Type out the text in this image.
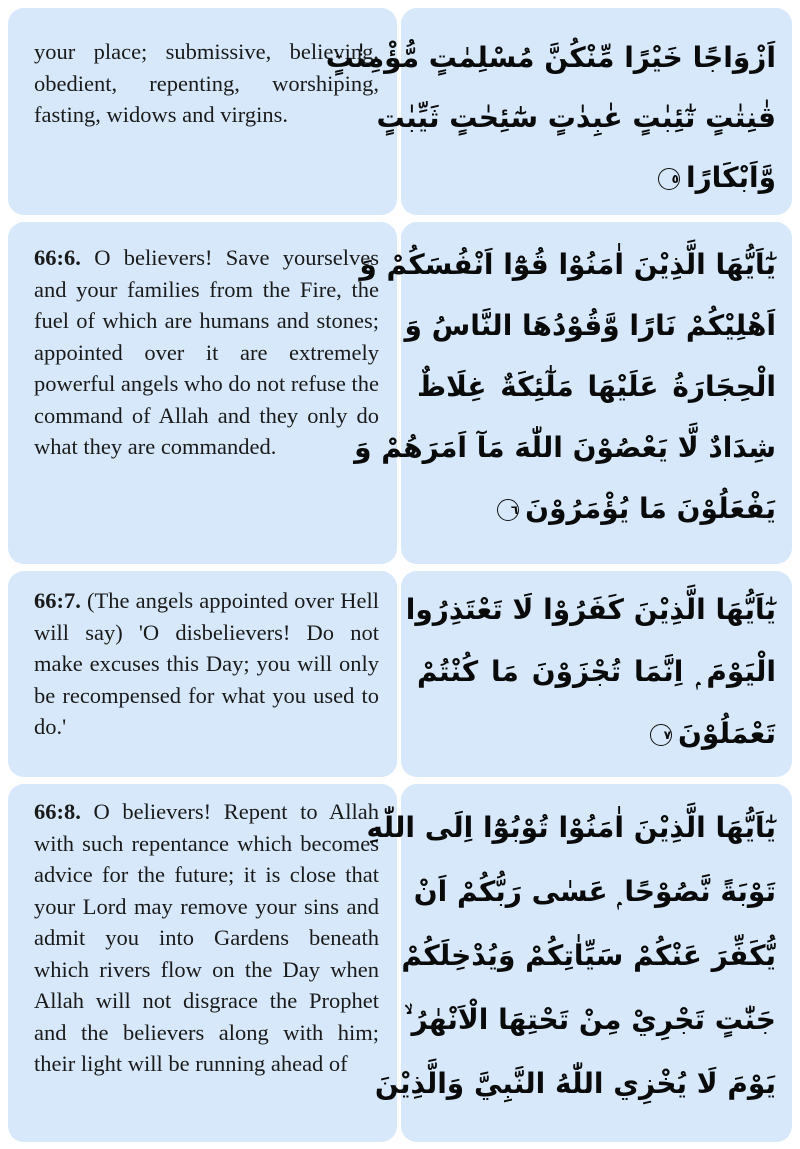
your place; submissive, believing, obedient, repenting, worshiping, fasting, widows and virgins.
اَزْوَاجًا خَيْرًا مِّنْكُنَّ مُسْلِمٰتٍ مُّؤْمِنٰتٍ
قٰنِتٰتٍ تٰٓئِبٰتٍ عٰبِدٰتٍ سٰٓئِحٰتٍ ثَيِّبٰتٍ
وَّاَبْكَارًا٥
66:6. O believers! Save yourselves and your families from the Fire, the fuel of which are humans and stones; appointed over it are extremely powerful angels who do not refuse the command of Allah and they only do what they are commanded.
يٰٓاَيُّهَا الَّذِيْنَ اٰمَنُوْا قُوْٓا اَنْفُسَكُمْ وَ
اَهْلِيْكُمْ نَارًا وَّقُوْدُهَا النَّاسُ وَ
الْحِجَارَةُ عَلَيْهَا مَلٰٓئِكَةٌ غِلَاظٌ
شِدَادٌ لَّا يَعْصُوْنَ اللّٰهَ مَآ اَمَرَهُمْ وَ
يَفْعَلُوْنَ مَا يُؤْمَرُوْنَ٦
66:7. (The angels appointed over Hell will say) 'O disbelievers! Do not make excuses this Day; you will only be recompensed for what you used to do.'
يٰٓاَيُّهَا الَّذِيْنَ كَفَرُوْا لَا تَعْتَذِرُوا
الْيَوْمَ ۭ اِنَّمَا تُجْزَوْنَ مَا كُنْتُمْ
تَعْمَلُوْنَ٧
66:8. O believers! Repent to Allah with such repentance which becomes advice for the future; it is close that your Lord may remove your sins and admit you into Gardens beneath which rivers flow on the Day when Allah will not disgrace the Prophet and the believers along with him; their light will be running ahead of
يٰٓاَيُّهَا الَّذِيْنَ اٰمَنُوْا تُوْبُوْٓا اِلَى اللّٰهِ
تَوْبَةً نَّصُوْحًا ۭ عَسٰى رَبُّكُمْ اَنْ
يُّكَفِّرَ عَنْكُمْ سَيِّاٰتِكُمْ وَيُدْخِلَكُمْ
جَنّٰتٍ تَجْرِيْ مِنْ تَحْتِهَا الْاَنْهٰرُ ۙ
يَوْمَ لَا يُخْزِي اللّٰهُ النَّبِيَّ وَالَّذِيْنَ
